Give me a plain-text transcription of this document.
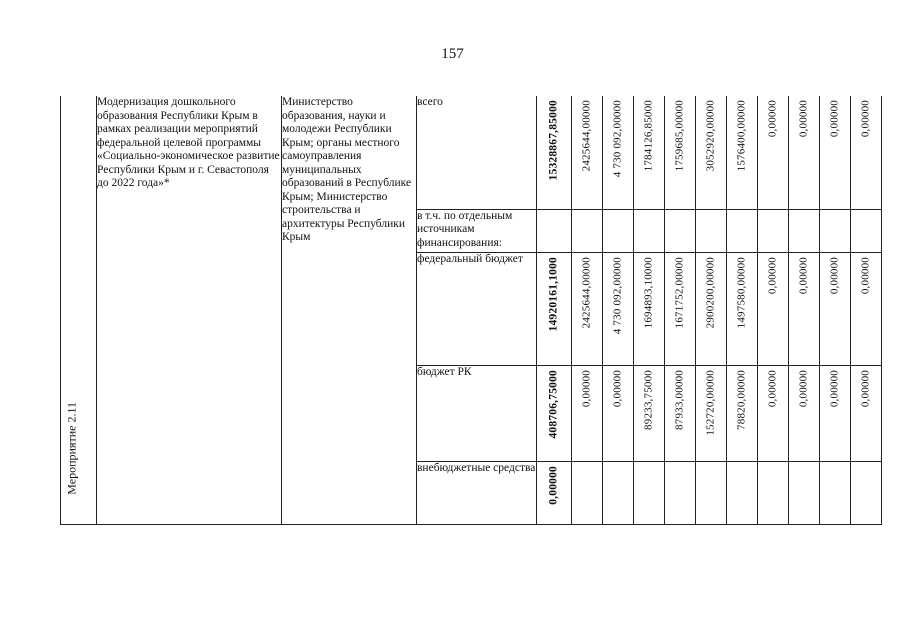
157
Мероприятие 2.11	Модернизация дошкольного образования Республики Крым в рамках реализации мероприятий федеральной целевой программы «Социально-экономическое развитие Республики Крым и г. Севастополя до 2022 года»*	Министерство образования, науки и молодежи Республики Крым; органы местного самоуправления муниципальных образований в Республике Крым; Министерство строительства и архитектуры Республики Крым	всего	15328867,85000	2425644,00000	4 730 092,00000	1784126,85000	1759685,00000	3052920,00000	1576400,00000	0,00000	0,00000	0,00000	0,00000

			в т.ч. по отдельным источникам финансирования:	

			федеральный бюджет	14920161,1000	2425644,00000	4 730 092,00000	1694893,10000	1671752,00000	2900200,00000	1497580,00000	0,00000	0,00000	0,00000	0,00000

			бюджет РК	408706,75000	0,00000	0,00000	89233,75000	87933,00000	152720,00000	78820,00000	0,00000	0,00000	0,00000	0,00000

			внебюджетные средства	0,00000										
